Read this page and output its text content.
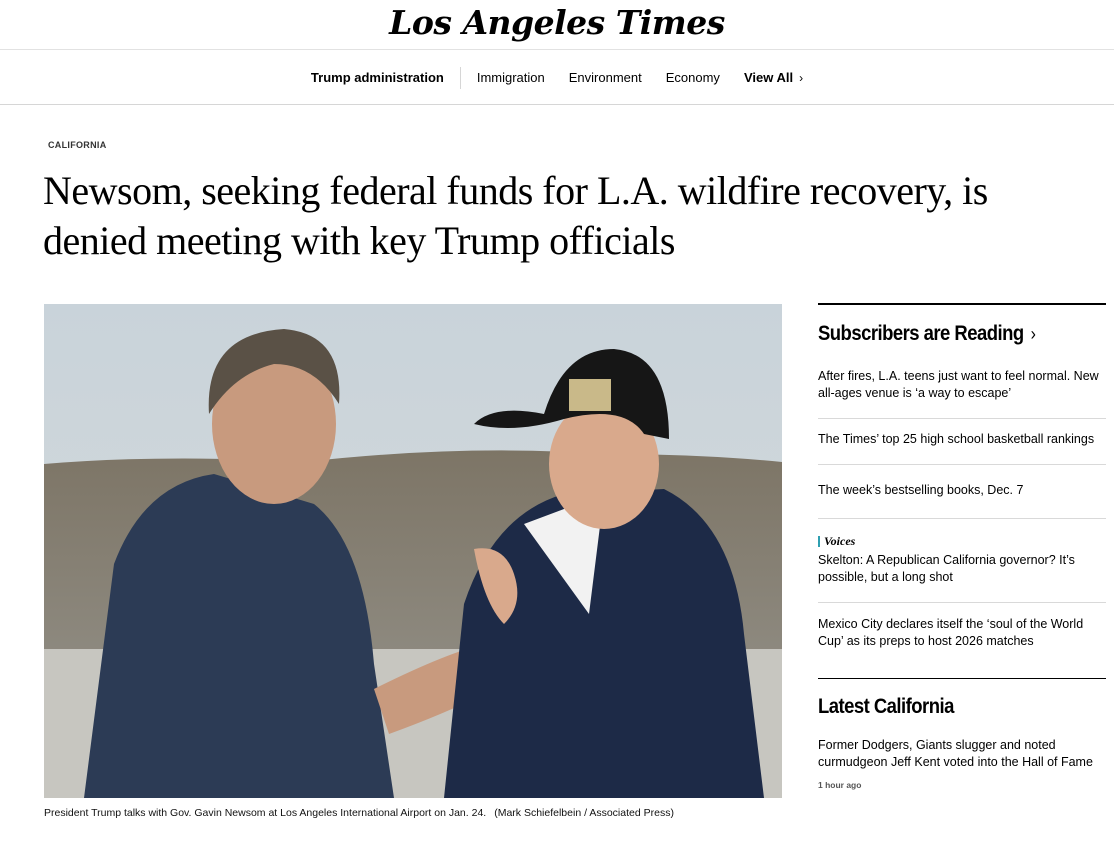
Los Angeles Times
Trump administration	Immigration	Environment	Economy	View All ›
CALIFORNIA
Newsom, seeking federal funds for L.A. wildfire recovery, is denied meeting with key Trump officials
President Trump talks with Gov. Gavin Newsom at Los Angeles International Airport on Jan. 24. (Mark Schiefelbein / Associated Press)
Subscribers are Reading ›
After fires, L.A. teens just want to feel normal. New all-ages venue is ‘a way to escape’
The Times’ top 25 high school basketball rankings
The week’s bestselling books, Dec. 7
Voices
Skelton: A Republican California governor? It’s possible, but a long shot
Mexico City declares itself the ‘soul of the World Cup’ as its preps to host 2026 matches
Latest California
Former Dodgers, Giants slugger and noted curmudgeon Jeff Kent voted into the Hall of Fame
1 hour ago
